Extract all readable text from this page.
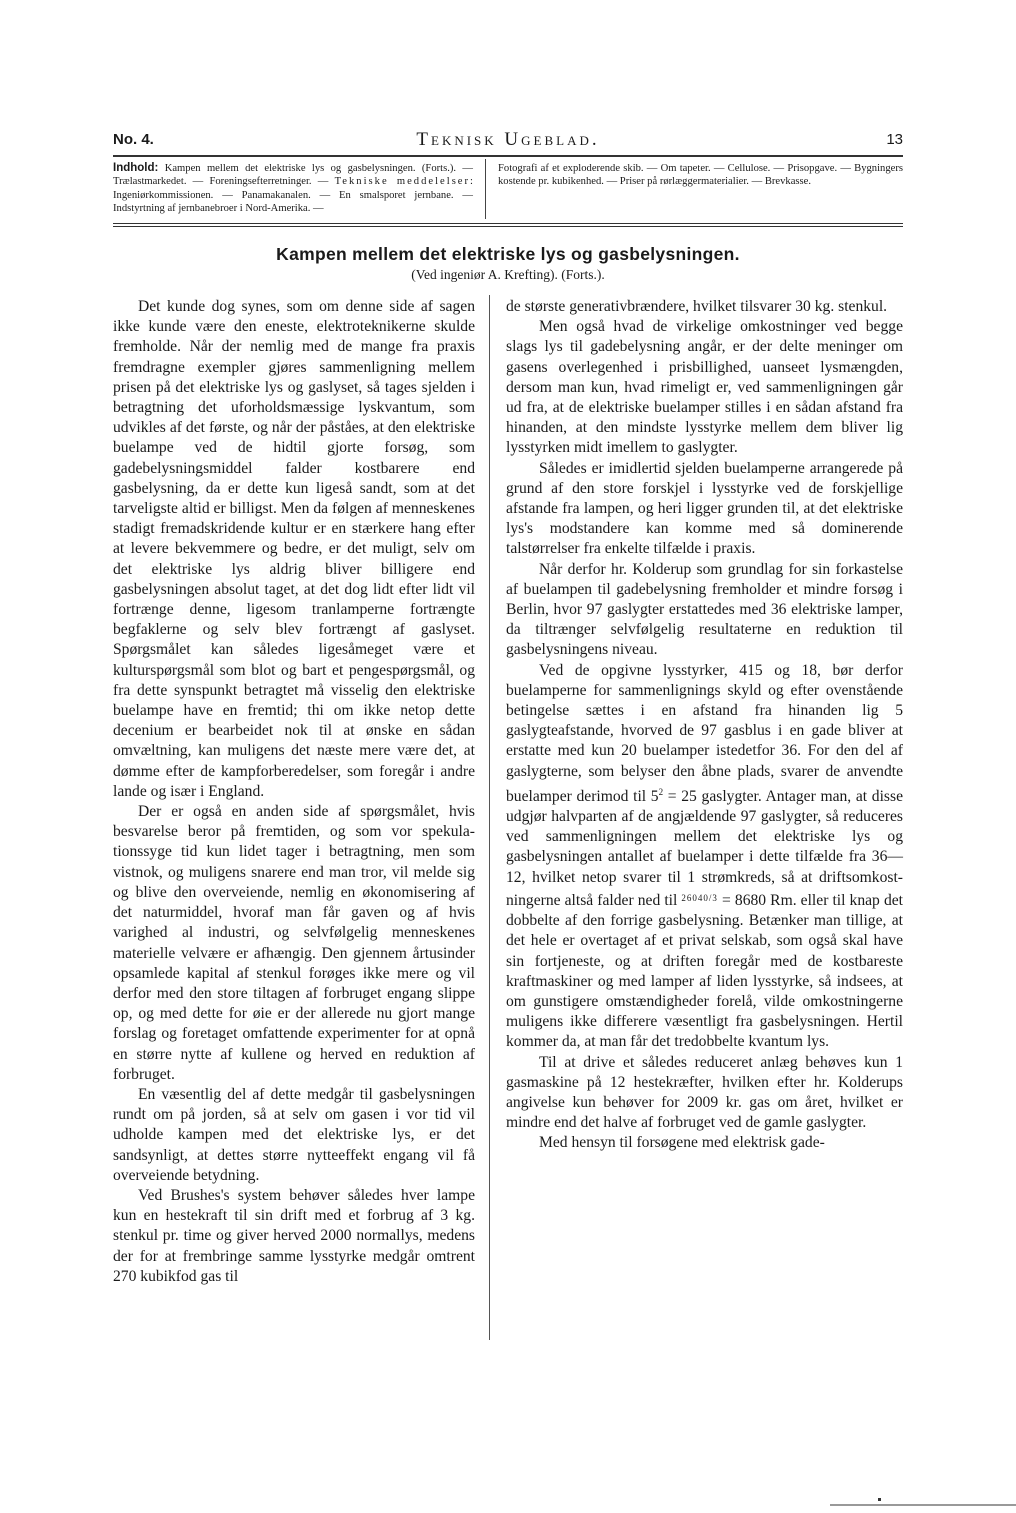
No. 4.	Teknisk Ugeblad.	13
Indhold: Kampen mellem det elektriske lys og gasbelysningen. (Forts.). — Trælastmarkedet. — Foreningsefterretninger. — Tekniske meddelelser: Ingeniørkommissionen. — Panamakanalen. — En smalsporet jernbane. — Indstyrtning af jernbanebroer i Nord-Amerika. —
Fotografi af et exploderende skib. — Om tapeter. — Cellulose. — Prisopgave. — Bygningers kostende pr. kubikenhed. — Priser på rørlæggermaterialier. — Brevkasse.
Kampen mellem det elektriske lys og gasbelysningen.
(Ved ingeniør A. Krefting). (Forts.).

Det kunde dog synes, som om denne side af sagen ikke kunde være den eneste, elektroteknikerne skulde fremholde. Når der nemlig med de mange fra praxis fremdragne exempler gjøres sammenligning mellem prisen på det elektriske lys og gaslyset, så tages sjelden i betragtning det uforholdsmæssige lyskvantum, som udvikles af det første, og når der påståes, at den elektriske buelampe ved de hidtil gjorte forsøg, som gadebelysningsmiddel falder kostbarere end gasbelysning, da er dette kun ligeså sandt, som at det tarveligste altid er billigst. Men da følgen af menneskenes stadigt fremadskridende kultur er en stærkere hang efter at levere bekvemmere og bedre, er det muligt, selv om det elektriske lys aldrig bliver billigere end gasbelysningen absolut taget, at det dog lidt efter lidt vil fortrænge denne, ligesom tranlamperne fortrængte begfaklerne og selv blev fortrængt af gaslyset. Spørgsmålet kan således ligesåmeget være et kulturspørgsmål som blot og bart et pengespørgsmål, og fra dette synspunkt betragtet må visselig den elektriske buelampe have en fremtid; thi om ikke netop dette decenium er bearbeidet nok til at ønske en sådan omvæltning, kan muligens det næste mere være det, at dømme efter de kampforberedelser, som foregår i andre lande og især i England.

Der er også en anden side af spørgsmålet, hvis besvarelse beror på fremtiden, og som vor spekulationssyge tid kun lidet tager i betragtning, men som vistnok, og muligens snarere end man tror, vil melde sig og blive den overveiende, nemlig en økonomisering af det naturmiddel, hvoraf man får gaven og af hvis varighed al industri, og selvfølgelig menneskenes materielle velvære er afhængig. Den gjennem årtusinder opsamlede kapital af stenkul forøges ikke mere og vil derfor med den store tiltagen af forbruget engang slippe op, og med dette for øie er der allerede nu gjort mange forslag og foretaget omfattende experimenter for at opnå en større nytte af kullene og herved en reduktion af forbruget.

En væsentlig del af dette medgår til gasbelysningen rundt om på jorden, så at selv om gasen i vor tid vil udholde kampen med det elektriske lys, er det sandsynligt, at dettes større nytteeffekt engang vil få overveiende betydning.

Ved Brushes's system behøver således hver lampe kun en hestekraft til sin drift med et forbrug af 3 kg. stenkul pr. time og giver herved 2000 normallys, medens der for at frembringe samme lysstyrke medgår omtrent 270 kubikfod gas til

de største generativbrændere, hvilket tilsvarer 30 kg. stenkul.

Men også hvad de virkelige omkostninger ved begge slags lys til gadebelysning angår, er der delte meninger om gasens overlegenhed i prisbillighed, uanseet lysmængden, dersom man kun, hvad rimeligt er, ved sammenligningen går ud fra, at de elektriske buelamper stilles i en sådan afstand fra hinanden, at den mindste lysstyrke mellem dem bliver lig lysstyrken midt imellem to gaslygter.

Således er imidlertid sjelden buelamperne arrangerede på grund af den store forskjel i lysstyrke ved de forskjellige afstande fra lampen, og heri ligger grunden til, at det elektriske lys's modstandere kan komme med så dominerende talstørrelser fra enkelte tilfælde i praxis.

Når derfor hr. Kolderup som grundlag for sin forkastelse af buelampen til gadebelysning fremholder et mindre forsøg i Berlin, hvor 97 gaslygter erstattedes med 36 elektriske lamper, da tiltrænger selvfølgelig resultaterne en reduktion til gasbelysningens niveau.

Ved de opgivne lysstyrker, 415 og 18, bør derfor buelamperne for sammenlignings skyld og efter ovenstående betingelse sættes i en afstand fra hinanden lig 5 gaslygteafstande, hvorved de 97 gasblus i en gade bliver at erstatte med kun 20 buelamper istedetfor 36. For den del af gaslygterne, som belyser den åbne plads, svarer de anvendte buelamper derimod til $5^2 = 25$ gaslygter. Antager man, at disse udgjør halvparten af de angjældende 97 gaslygter, så reduceres ved sammenligningen mellem det elektriske lys og gasbelysningen antallet af buelamper i dette tilfælde fra 36—12, hvilket netop svarer til 1 strømkreds, så at driftsomkostningerne altså falder ned til $^{26040/3}$ = 8680 Rm. eller til knap det dobbelte af den forrige gasbelysning. Betænker man tillige, at det hele er overtaget af et privat selskab, som også skal have sin fortjeneste, og at driften foregår med de kostbareste kraftmaskiner og med lamper af liden lysstyrke, så indsees, at om gunstigere omstændigheder forelå, vilde omkostningerne muligens ikke differere væsentligt fra gasbelysningen. Hertil kommer da, at man får det tredobbelte kvantum lys.

Til at drive et således reduceret anlæg behøves kun 1 gasmaskine på 12 hestekræfter, hvilken efter hr. Kolderups angivelse kun behøver for 2009 kr. gas om året, hvilket er mindre end det halve af forbruget ved de gamle gaslygter.

Med hensyn til forsøgene med elektrisk gade-
